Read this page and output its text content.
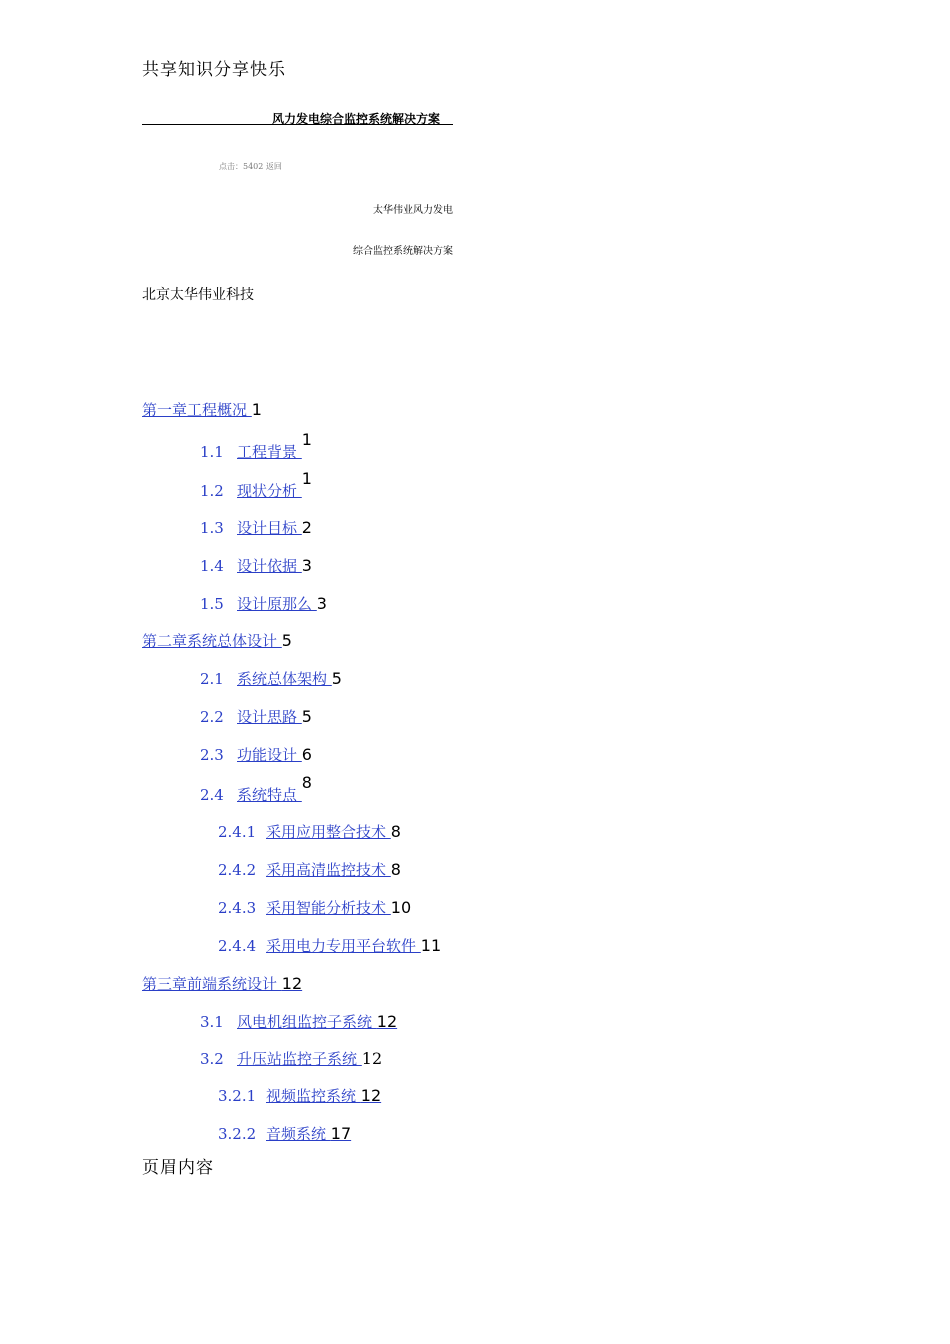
共享知识分享快乐
风力发电综合监控系统解决方案
点击：5402 返回
太华伟业风力发电
综合监控系统解决方案
北京太华伟业科技
第一章工程概况 1
1.1 工程背景 1
1.2 现状分析 1
1.3 设计目标 2
1.4 设计依据 3
1.5 设计原那么 3
第二章系统总体设计 5
2.1 系统总体架构 5
2.2 设计思路 5
2.3 功能设计 6
2.4 系统特点 8
2.4.1 采用应用整合技术 8
2.4.2 采用高清监控技术 8
2.4.3 采用智能分析技术 10
2.4.4 采用电力专用平台软件 11
第三章前端系统设计 12
3.1 风电机组监控子系统 12
3.2 升压站监控子系统 12
3.2.1 视频监控系统 12
3.2.2 音频系统 17
页眉内容
